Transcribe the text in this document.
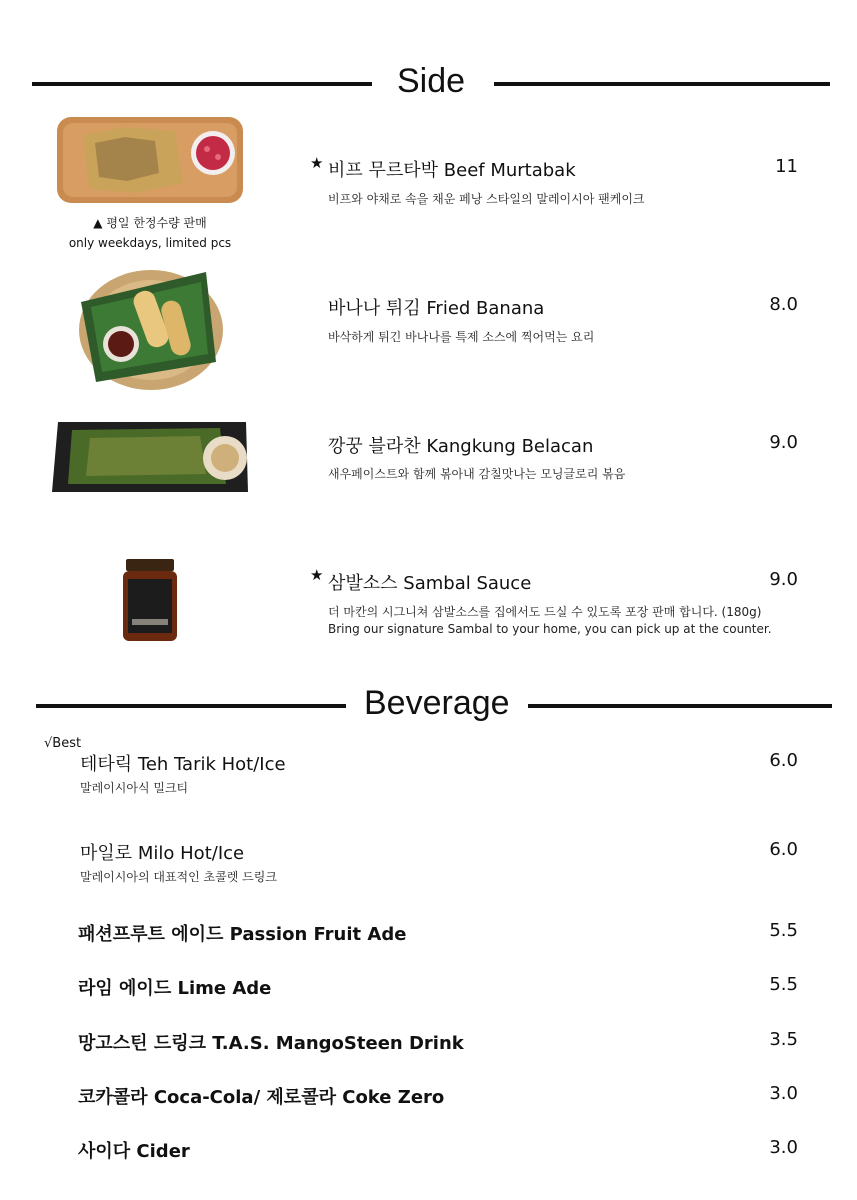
Side
▲ 평일 한정수량 판매
only weekdays, limited pcs
★ 비프 무르타박 Beef Murtabak	11
비프와 야채로 속을 채운 페낭 스타일의 말레이시아 팬케이크
바나나 튀김 Fried Banana	8.0
바삭하게 튀긴 바나나를 특제 소스에 찍어먹는 요리
깡꿍 블라찬 Kangkung Belacan	9.0
새우페이스트와 함께 볶아내 감칠맛나는 모닝글로리 볶음
★ 삼발소스 Sambal Sauce	9.0
더 마칸의 시그니쳐 삼발소스를 집에서도 드실 수 있도록 포장 판매 합니다. (180g)
Bring our signature Sambal to your home, you can pick up at the counter.
Beverage
√Best
테타릭 Teh Tarik Hot/Ice	6.0
말레이시아식 밀크티
마일로 Milo Hot/Ice	6.0
말레이시아의 대표적인 초콜렛 드링크
패션프루트 에이드 Passion Fruit Ade	5.5
라임 에이드 Lime Ade	5.5
망고스틴 드링크 T.A.S. MangoSteen Drink	3.5
코카콜라 Coca-Cola/ 제로콜라 Coke Zero	3.0
사이다 Cider	3.0
